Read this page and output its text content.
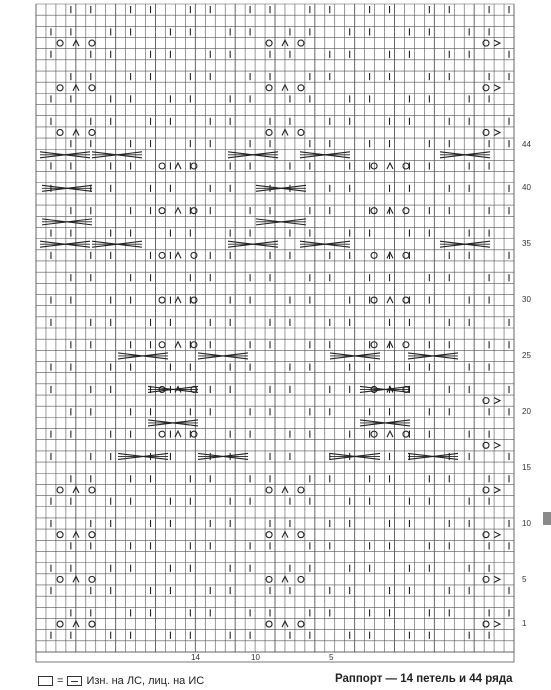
1
5
10
15
20
25
30
35
40
44
14	10	5
= Изн. на ЛС, лиц. на ИС	Раппорт — 14 петель и 44 ряда
